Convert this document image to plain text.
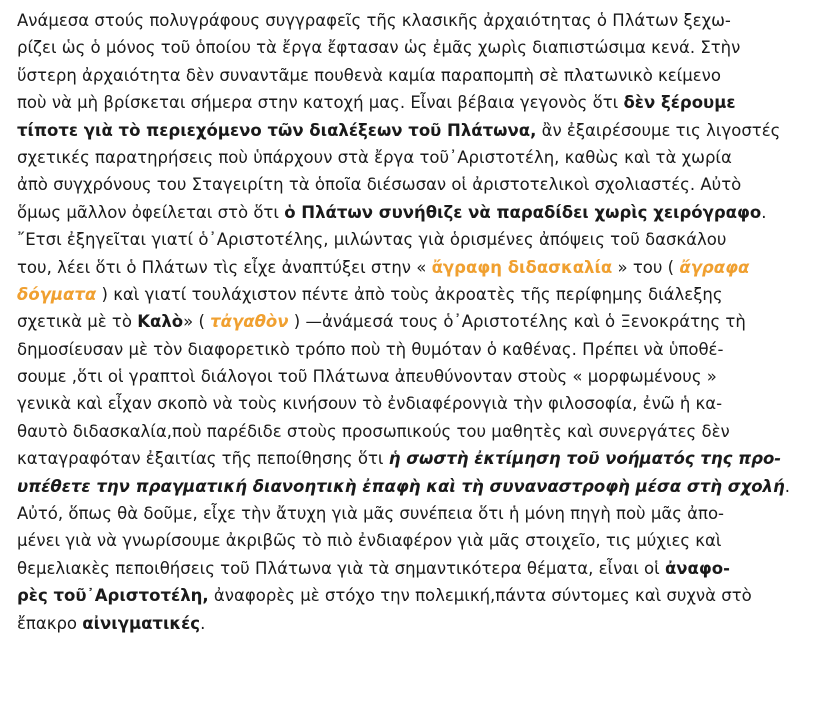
Ανάμεσα στούς πολυγράφους συγγραφεῖς τῆς κλασικῆς ἀρχαιότητας ὁ Πλάτων ξεχω-
ρίζει ὡς ὁ μόνος τοῦ ὁποίου τὰ ἔργα ἔφτασαν ὡς ἐμᾶς χωρὶς διαπιστώσιμα κενά. Στὴν
ὕστερη ἀρχαιότητα δὲν συναντᾶμε πουθενὰ καμία παραπομπὴ σὲ πλατωνικὸ κείμενο
ποὺ νὰ μὴ βρίσκεται σήμερα στην κατοχή μας. Εἶναι βέβαια γεγονὸς ὅτι δὲν ξέρουμε
τίποτε γιὰ τὸ περιεχόμενο τῶν διαλέξεων τοῦ Πλάτωνα, ἂν ἐξαιρέσουμε τις λιγοστές
σχετικές παρατηρήσεις ποὺ ὑπάρχουν στὰ ἔργα τοῦ᾿Αριστοτέλη, καθὼς καὶ τὰ χωρία
ἀπὸ συγχρόνους του Σταγειρίτη τὰ ὁποῖα διέσωσαν οἱ ἀριστοτελικοὶ σχολιαστές. Αὐτὸ
ὅμως μᾶλλον ὀφείλεται στὸ ὅτι ὁ Πλάτων συνήθιζε νὰ παραδίδει χωρὶς χειρόγραφο.
῎Ετσι ἐξηγεῖται γιατί ὁ᾿Αριστοτέλης, μιλώντας γιὰ ὁρισμένες ἀπόψεις τοῦ δασκάλου
του, λέει ὅτι ὁ Πλάτων τὶς εἶχε ἀναπτύξει στην « ἄγραφη διδασκαλία » του ( ἄγραφα
δόγματα ) καὶ γιατί τουλάχιστον πέντε ἀπὸ τοὺς ἀκροατὲς τῆς περίφημης διάλεξης
σχετικὰ μὲ τὸ Καλὸ» ( τἀγαθὸν ) —ἀνάμεσά τους ὁ᾿Αριστοτέλης καὶ ὁ Ξενοκράτης τὴ
δημοσίευσαν μὲ τὸν διαφορετικὸ τρόπο ποὺ τὴ θυμόταν ὁ καθένας. Πρέπει νὰ ὑποθέ-
σουμε ,ὅτι οἱ γραπτοὶ διάλογοι τοῦ Πλάτωνα ἀπευθύνονταν στοὺς « μορφωμένους »
γενικὰ καὶ εἶχαν σκοπὸ νὰ τοὺς κινήσουν τὸ ἐνδιαφέρονγιὰ τὴν φιλοσοφία, ἐνῶ ἡ κα-
θαυτὸ διδασκαλία,ποὺ παρέδιδε στοὺς προσωπικούς του μαθητὲς καὶ συνεργάτες δὲν
καταγραφόταν ἐξαιτίας τῆς πεποίθησης ὅτι ἡ σωστὴ ἐκτίμηση τοῦ νοήματός της προ-
υπέθετε την πραγματική διανοητικὴ ἐπαφὴ καὶ τὴ συναναστροφὴ μέσα στὴ σχολή.
Αὐτό, ὅπως θὰ δοῦμε, εἶχε τὴν ἄτυχη γιὰ μᾶς συνέπεια ὅτι ἡ μόνη πηγὴ ποὺ μᾶς ἀπο-
μένει γιὰ νὰ γνωρίσουμε ἀκριβῶς τὸ πιὸ ἐνδιαφέρον γιὰ μᾶς στοιχεῖο, τις μύχιες καὶ
θεμελιακὲς πεποιθήσεις τοῦ Πλάτωνα γιὰ τὰ σημαντικότερα θέματα, εἶναι οἱ ἀναφο-
ρὲς τοῦ᾿Αριστοτέλη, ἀναφορὲς μὲ στόχο την πολεμική,πάντα σύντομες καὶ συχνὰ στὸ
ἔπακρο αἰνιγματικές.
